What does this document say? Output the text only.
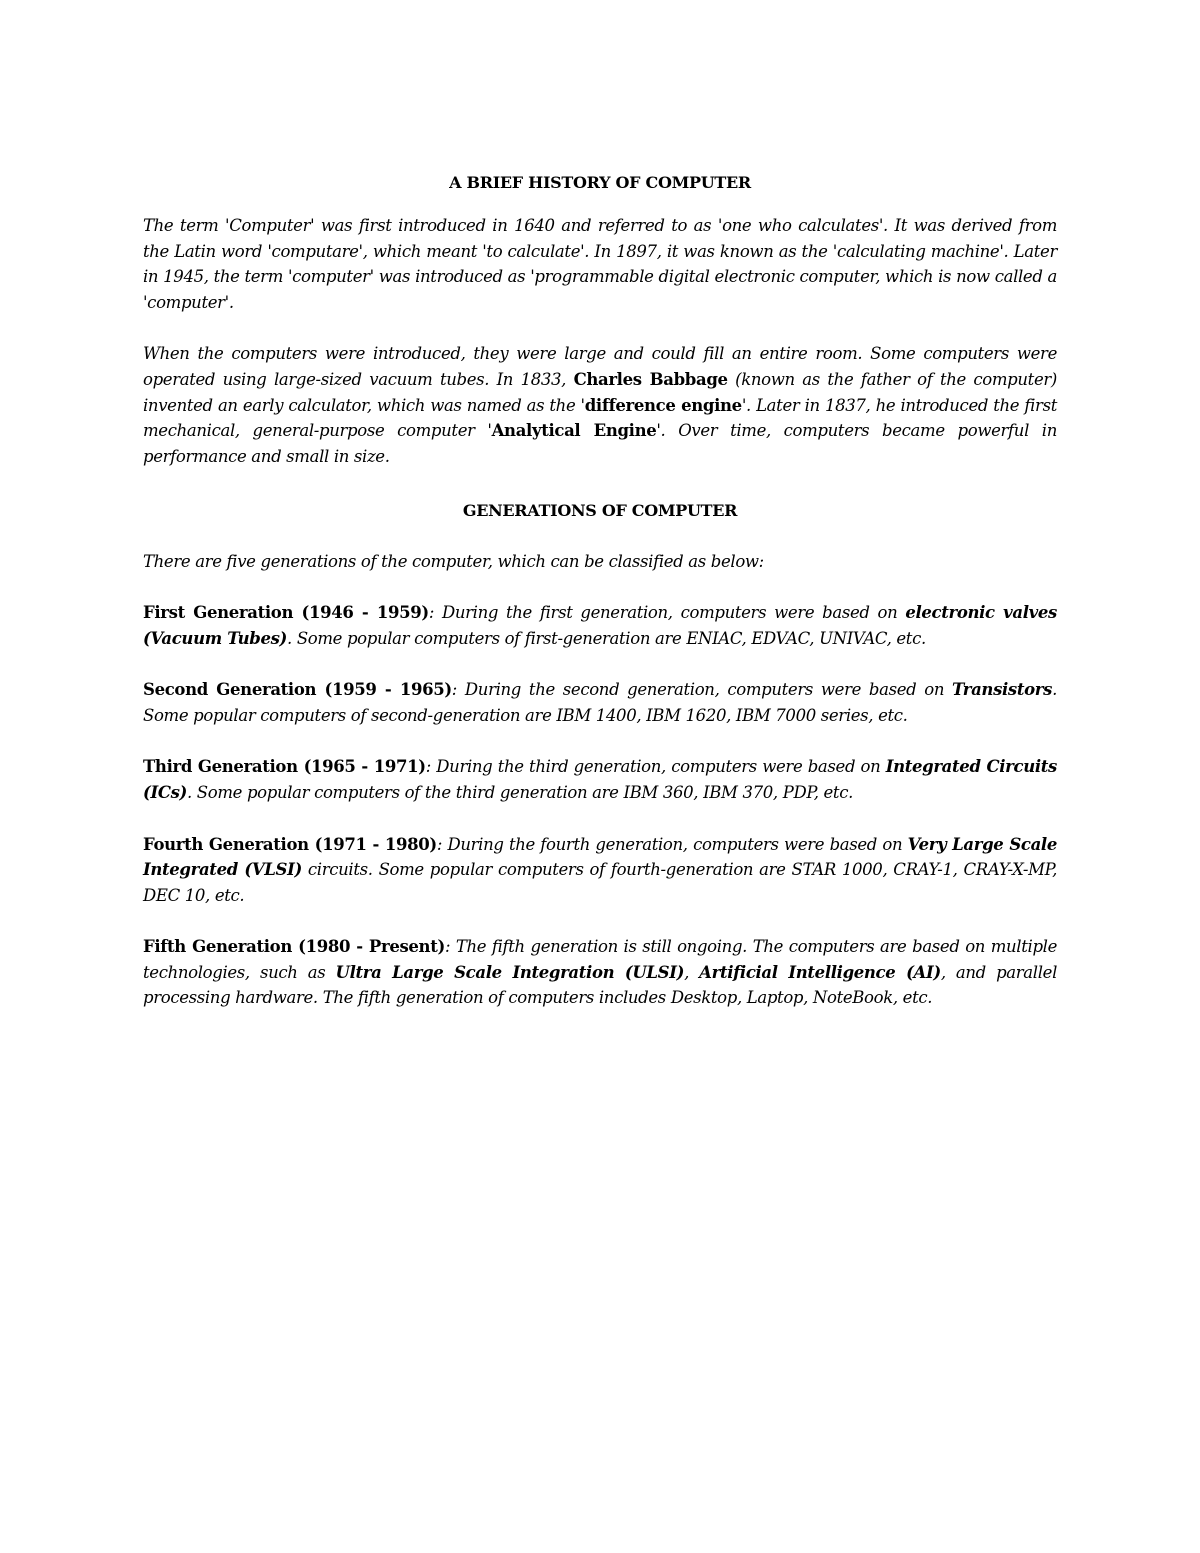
A BRIEF HISTORY OF COMPUTER

The term 'Computer' was first introduced in 1640 and referred to as 'one who calculates'. It was derived from the Latin word 'computare', which meant 'to calculate'. In 1897, it was known as the 'calculating machine'. Later in 1945, the term 'computer' was introduced as 'programmable digital electronic computer, which is now called a 'computer'.

When the computers were introduced, they were large and could fill an entire room. Some computers were operated using large-sized vacuum tubes. In 1833, Charles Babbage (known as the father of the computer) invented an early calculator, which was named as the 'difference engine'. Later in 1837, he introduced the first mechanical, general-purpose computer 'Analytical Engine'. Over time, computers became powerful in performance and small in size.

GENERATIONS OF COMPUTER

There are five generations of the computer, which can be classified as below:

First Generation (1946 - 1959): During the first generation, computers were based on electronic valves (Vacuum Tubes). Some popular computers of first-generation are ENIAC, EDVAC, UNIVAC, etc.

Second Generation (1959 - 1965): During the second generation, computers were based on Transistors. Some popular computers of second-generation are IBM 1400, IBM 1620, IBM 7000 series, etc.

Third Generation (1965 - 1971): During the third generation, computers were based on Integrated Circuits (ICs). Some popular computers of the third generation are IBM 360, IBM 370, PDP, etc.

Fourth Generation (1971 - 1980): During the fourth generation, computers were based on Very Large Scale Integrated (VLSI) circuits. Some popular computers of fourth-generation are STAR 1000, CRAY-1, CRAY-X-MP, DEC 10, etc.

Fifth Generation (1980 - Present): The fifth generation is still ongoing. The computers are based on multiple technologies, such as Ultra Large Scale Integration (ULSI), Artificial Intelligence (AI), and parallel processing hardware. The fifth generation of computers includes Desktop, Laptop, NoteBook, etc.
